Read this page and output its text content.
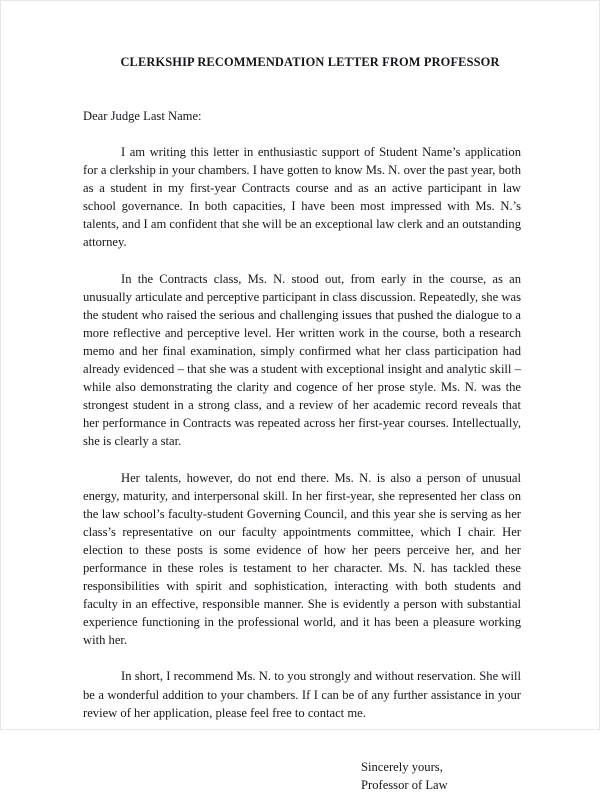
CLERKSHIP RECOMMENDATION LETTER FROM PROFESSOR
Dear Judge Last Name:

I am writing this letter in enthusiastic support of Student Name’s application for a clerkship in your chambers. I have gotten to know Ms. N. over the past year, both as a student in my first-year Contracts course and as an active participant in law school governance. In both capacities, I have been most impressed with Ms. N.’s talents, and I am confident that she will be an exceptional law clerk and an outstanding attorney.

In the Contracts class, Ms. N. stood out, from early in the course, as an unusually articulate and perceptive participant in class discussion. Repeatedly, she was the student who raised the serious and challenging issues that pushed the dialogue to a more reflective and perceptive level. Her written work in the course, both a research memo and her final examination, simply confirmed what her class participation had already evidenced – that she was a student with exceptional insight and analytic skill – while also demonstrating the clarity and cogence of her prose style. Ms. N. was the strongest student in a strong class, and a review of her academic record reveals that her performance in Contracts was repeated across her first-year courses. Intellectually, she is clearly a star.

Her talents, however, do not end there. Ms. N. is also a person of unusual energy, maturity, and interpersonal skill. In her first-year, she represented her class on the law school’s faculty-student Governing Council, and this year she is serving as her class’s representative on our faculty appointments committee, which I chair. Her election to these posts is some evidence of how her peers perceive her, and her performance in these roles is testament to her character. Ms. N. has tackled these responsibilities with spirit and sophistication, interacting with both students and faculty in an effective, responsible manner. She is evidently a person with substantial experience functioning in the professional world, and it has been a pleasure working with her.

In short, I recommend Ms. N. to you strongly and without reservation. She will be a wonderful addition to your chambers. If I can be of any further assistance in your review of her application, please feel free to contact me.

Sincerely yours,
Professor of Law
